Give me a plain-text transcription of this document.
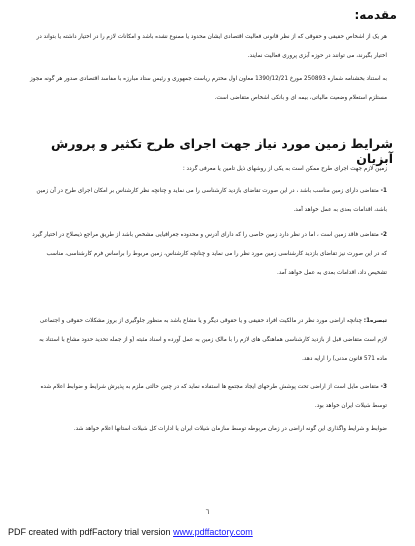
مقدمه:
هر یک از اشخاص حقیقی و حقوقی که از نظر قانونی فعالیت اقتصادی ایشان محدود یا ممنوع نشده باشد و امکانات لازم را در اختیار داشته یا بتواند در اختیار بگیرند، می توانند در حوزه آبزی پروری فعالیت نمایند.
به استناد بخشنامه شماره 250893 مورخ 1390/12/21 معاون اول محترم ریاست جمهوری و رئیس ستاد مبارزه با مفاسد اقتصادی صدور هر گونه مجوز مستلزم استعلام وضعیت مالیاتی، بیمه ای و بانکی اشخاص متقاضی است.
شرایط زمین مورد نیاز جهت اجرای طرح تکثیر و پرورش آبزیان
زمین لازم جهت اجرای طرح ممکن است به یکی از روشهای ذیل تامین یا معرفی گردد :
1- متقاضی دارای زمین مناسب باشد ، در این صورت تقاضای بازدید کارشناسی را می نماید و چنانچه نظر کارشناس بر امکان اجرای طرح در آن زمین باشد، اقدامات بعدی به عمل خواهد آمد.
2- متقاضی فاقد زمین است ، اما در نظر دارد زمین خاصی را که دارای آدرس و محدوده جغرافیایی مشخص باشد از طریق مراجع ذیصلاح در اختیار گیرد که در این صورت نیز تقاضای بازدید کارشناسی زمین مورد نظر را می نماید و چنانچه کارشناس، زمین مربوط را براساس فرم کارشناسی، مناسب تشخیص داد، اقدامات بعدی به عمل خواهد آمد.
تبصره1: چنانچه اراضی مورد نظر در مالکیت افراد حقیقی و یا حقوقی دیگر و یا مشاع باشد به منظور جلوگیری از بروز مشکلات حقوقی و اجتماعی لازم است متقاضی قبل از بازدید کارشناسی هماهنگی های لازم را با مالک زمین به عمل آورده و اسناد مثبته (و از جمله تحدید حدود مشاع با استناد به ماده 571 قانون مدنی) را ارایه دهد.
3- متقاضی مایل است از اراضی تحت پوشش طرحهای ایجاد مجتمع ها استفاده نماید که در چنین حالتی ملزم به پذیرش شرایط و ضوابط اعلام شده توسط شیلات ایران خواهد بود.
ضوابط و شرایط واگذاری این گونه اراضی در زمان مربوطه توسط سازمان شیلات ایران یا ادارات کل شیلات استانها اعلام خواهد شد.
٦
PDF created with pdfFactory trial version www.pdffactory.com
